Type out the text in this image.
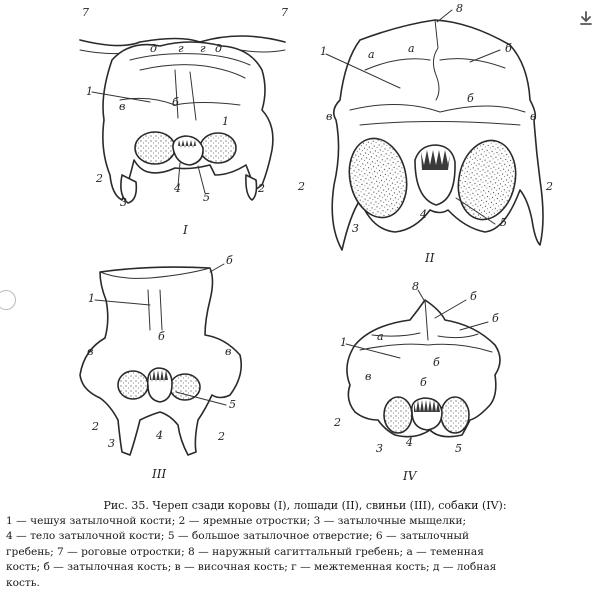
7	7
д г г д
1
б
в
1
2
2
3
4
5
I
8
б
1	а	а
б
в	в
2	2
3
4
5
II
б
1
б
в	в
2
2
3
4
5
III
8
б
б
1	а
б
б
в
2
3 4	5
IV
Рис. 35. Череп сзади коровы (I), лошади (II), свиньи (III), собаки (IV):
1 — чешуя затылочной кости; 2 — яремные отростки; 3 — затылочные мыщелки;
4 — тело затылочной кости; 5 — большое затылочное отверстие; 6 — затылочный
гребень; 7 — роговые отростки; 8 — наружный сагиттальный гребень; а — теменная
кость; б — затылочная кость; в — височная кость; г — межтеменная кость; д — лобная
кость.
